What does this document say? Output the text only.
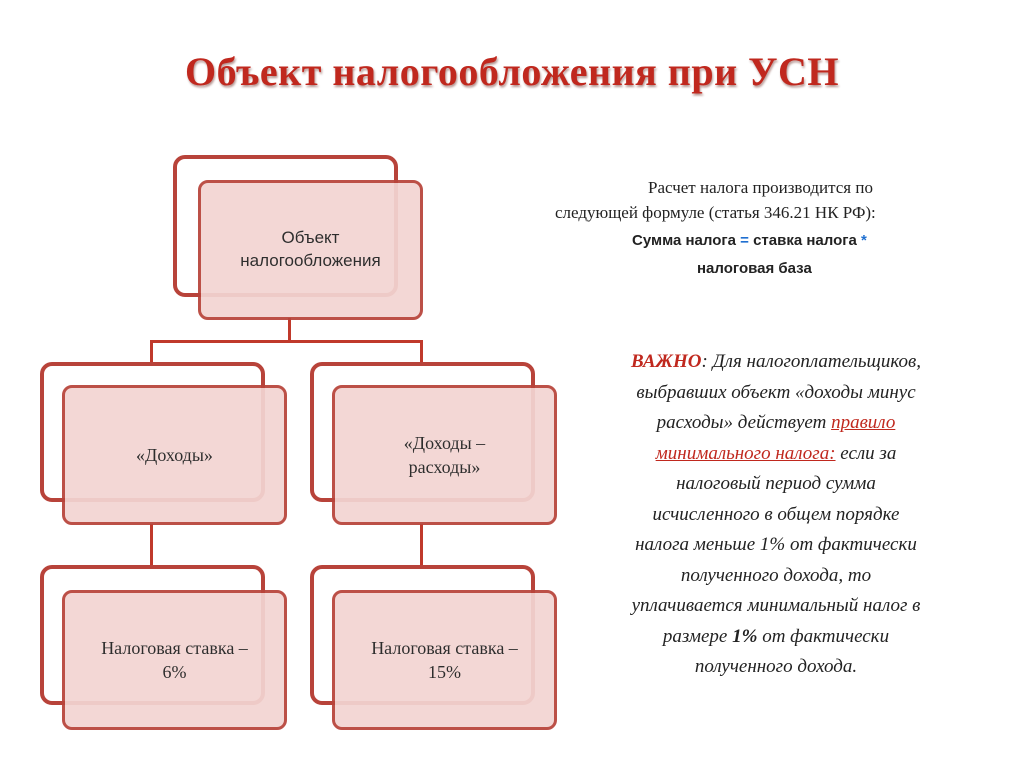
Объект налогообложения при УСН
Объект
налогообложения
«Доходы»
«Доходы –
расходы»
Налоговая ставка –
6%
Налоговая ставка –
15%
Расчет налога производится по
следующей формуле (статья 346.21 НК РФ):
Сумма налога = ставка налога *
налоговая база
ВАЖНО: Для налогоплательщиков,
выбравших объект «доходы минус
расходы» действует правило
минимального налога: если за
налоговый период сумма
исчисленного в общем порядке
налога меньше 1% от фактически
полученного дохода, то
уплачивается минимальный налог в
размере 1% от фактически
полученного дохода.
